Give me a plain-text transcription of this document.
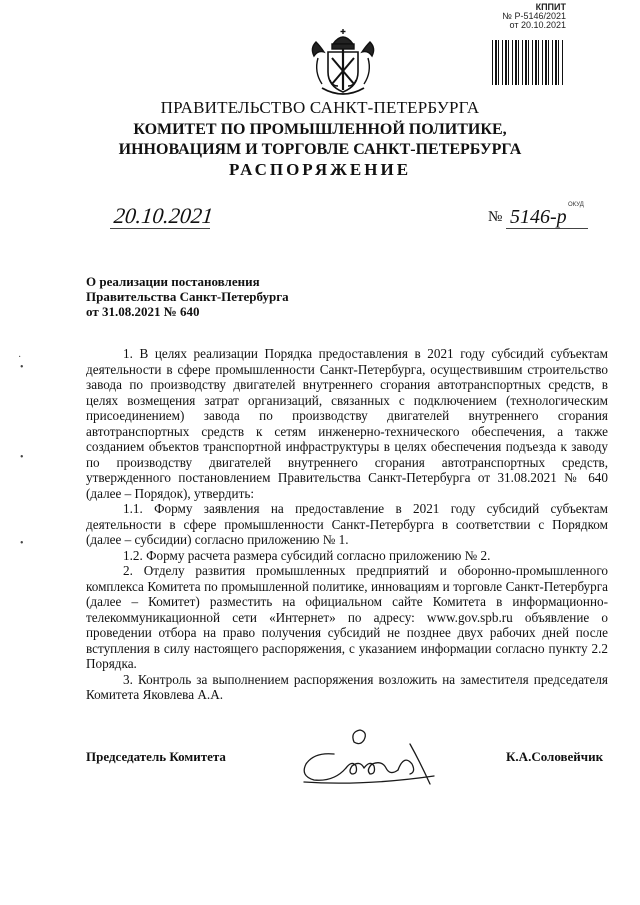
КППИТ
№ Р-5146/2021
от 20.10.2021
ПРАВИТЕЛЬСТВО САНКТ-ПЕТЕРБУРГА
КОМИТЕТ ПО ПРОМЫШЛЕННОЙ ПОЛИТИКЕ,
ИННОВАЦИЯМ И ТОРГОВЛЕ САНКТ-ПЕТЕРБУРГА
РАСПОРЯЖЕНИЕ
ОКУД
20.10.2021	№ 5146-р
О реализации постановления
Правительства Санкт-Петербурга
от 31.08.2021 № 640
·
•
•
•

1. В целях реализации Порядка предоставления в 2021 году субсидий субъектам деятельности в сфере промышленности Санкт-Петербурга, осуществившим строительство завода по производству двигателей внутреннего сгорания автотранспортных средств, в целях возмещения затрат организаций, связанных с подключением (технологическим присоединением) завода по производству двигателей внутреннего сгорания автотранспортных средств к сетям инженерно-технического обеспечения, а также созданием объектов транспортной инфраструктуры в целях обеспечения подъезда к заводу по производству двигателей внутреннего сгорания автотранспортных средств, утвержденного постановлением Правительства Санкт-Петербурга от 31.08.2021 № 640 (далее – Порядок), утвердить:

1.1. Форму заявления на предоставление в 2021 году субсидий субъектам деятельности в сфере промышленности Санкт-Петербурга в соответствии с Порядком (далее – субсидии) согласно приложению № 1.

1.2. Форму расчета размера субсидий согласно приложению № 2.

2. Отделу развития промышленных предприятий и оборонно-промышленного комплекса Комитета по промышленной политике, инновациям и торговле Санкт-Петербурга (далее – Комитет) разместить на официальном сайте Комитета в информационно-телекоммуникационной сети «Интернет» по адресу: www.gov.spb.ru объявление о проведении отбора на право получения субсидий не позднее двух рабочих дней после вступления в силу настоящего распоряжения, с указанием информации согласно пункту 2.2 Порядка.

3. Контроль за выполнением распоряжения возложить на заместителя председателя Комитета Яковлева А.А.

Председатель Комитета	К.А.Соловейчик
